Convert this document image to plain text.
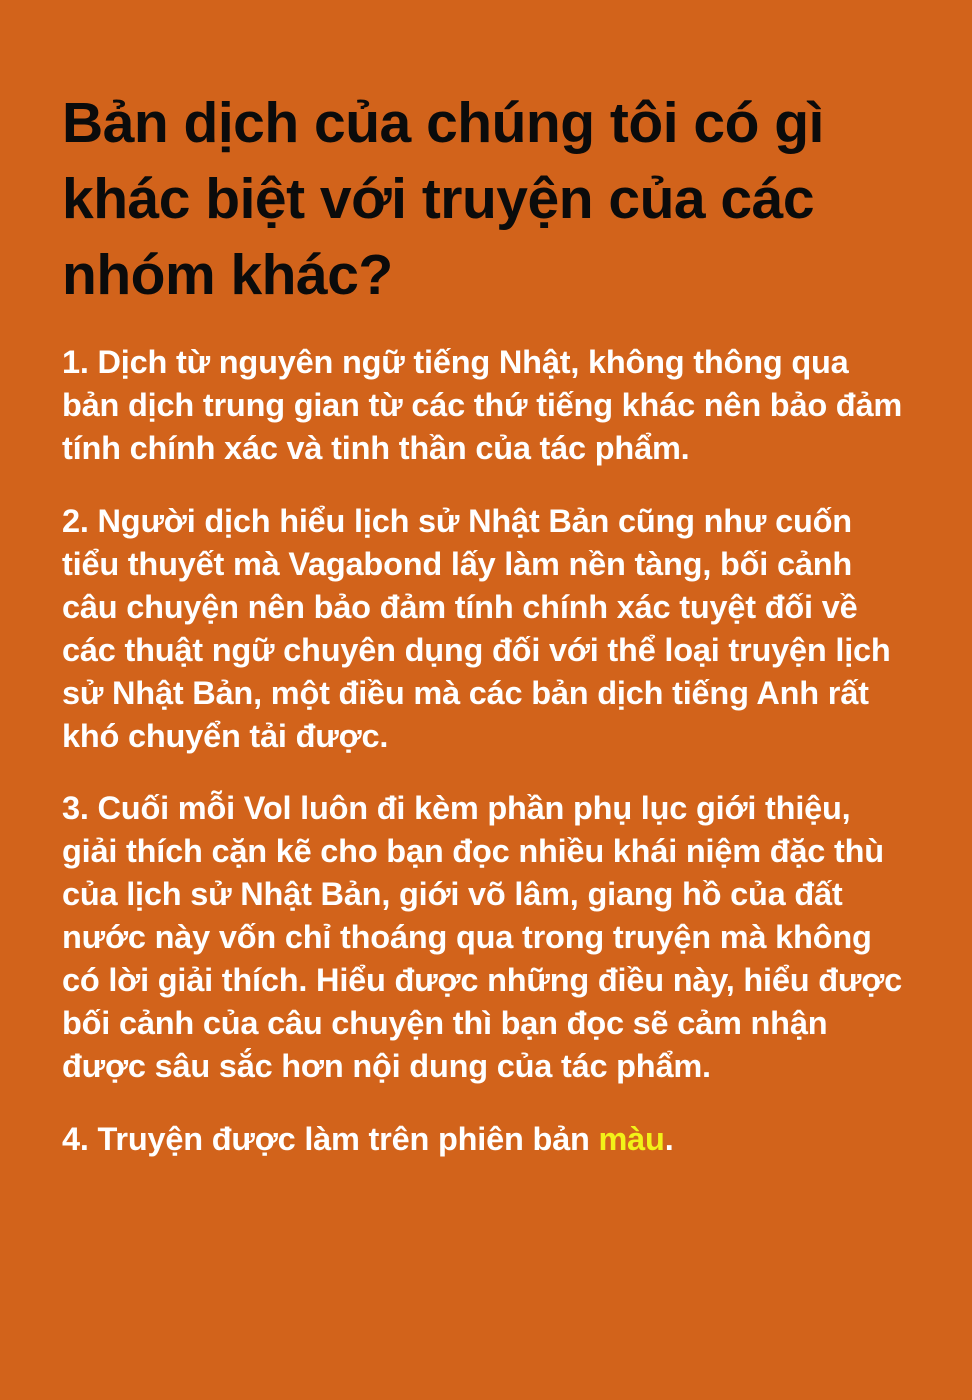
Bản dịch của chúng tôi có gì khác biệt với truyện của các nhóm khác?

1. Dịch từ nguyên ngữ tiếng Nhật, không thông qua bản dịch trung gian từ các thứ tiếng khác nên bảo đảm tính chính xác và tinh thần của tác phẩm.

2. Người dịch hiểu lịch sử Nhật Bản cũng như cuốn tiểu thuyết mà Vagabond lấy làm nền tàng, bối cảnh câu chuyện nên bảo đảm tính chính xác tuyệt đối về các thuật ngữ chuyên dụng đối với thể loại truyện lịch sử Nhật Bản, một điều mà các bản dịch tiếng Anh rất khó chuyển tải được.

3. Cuối mỗi Vol luôn đi kèm phần phụ lục giới thiệu, giải thích cặn kẽ cho bạn đọc nhiều khái niệm đặc thù của lịch sử Nhật Bản, giới võ lâm, giang hồ của đất nước này vốn chỉ thoáng qua trong truyện mà không có lời giải thích. Hiểu được những điều này, hiểu được bối cảnh của câu chuyện thì bạn đọc sẽ cảm nhận được sâu sắc hơn nội dung của tác phẩm.

4. Truyện được làm trên phiên bản màu.
